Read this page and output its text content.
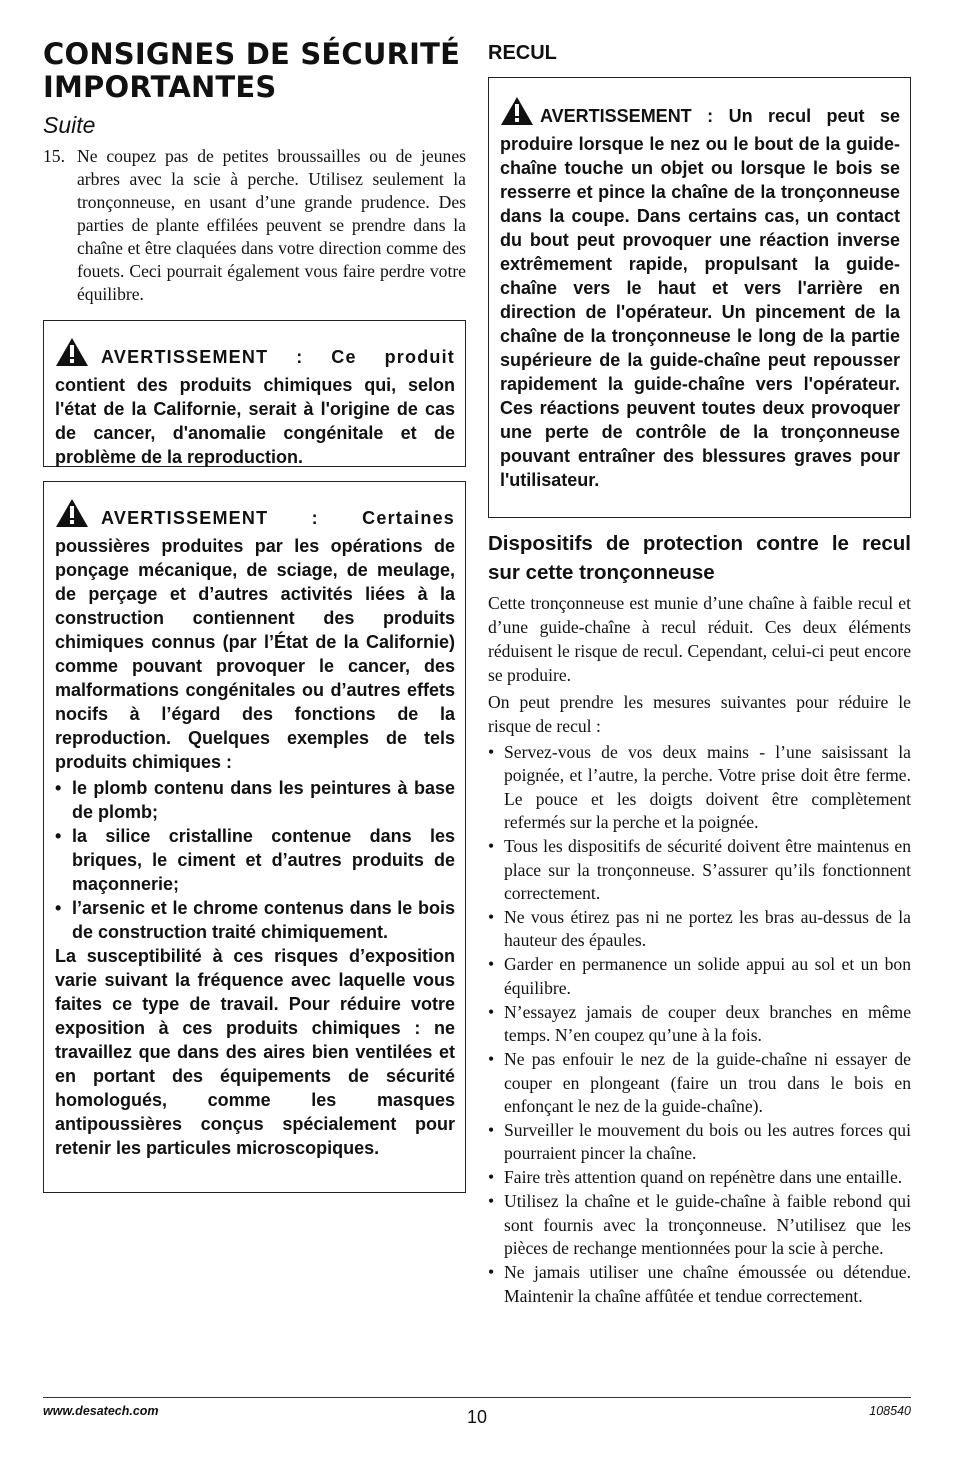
CONSIGNES DE SÉCURITÉ
IMPORTANTES
Suite
15. Ne coupez pas de petites broussailles ou de jeunes arbres avec la scie à perche. Utilisez seulement la tronçonneuse, en usant d’une grande prudence. Des parties de plante effilées peuvent se prendre dans la chaîne et être claquées dans votre direction comme des fouets. Ceci pourrait également vous faire perdre votre équilibre.

AVERTISSEMENT : Ce produit contient des produits chimiques qui, selon l'état de la Californie, serait à l'origine de cas de cancer, d'anomalie congénitale et de problème de la reproduction.

AVERTISSEMENT : Certaines poussières produites par les opérations de ponçage mécanique, de sciage, de meulage, de perçage et d’autres activités liées à la construction contiennent des produits chimiques connus (par l’État de la Californie) comme pouvant provoquer le cancer, des malformations congénitales ou d’autres effets nocifs à l’égard des fonctions de la reproduction. Quelques exemples de tels produits chimiques :

• le plomb contenu dans les peintures à base de plomb;
• la silice cristalline contenue dans les briques, le ciment et d’autres produits de maçonnerie;
• l’arsenic et le chrome contenus dans le bois de construction traité chimiquement.

La susceptibilité à ces risques d’exposition varie suivant la fréquence avec laquelle vous faites ce type de travail. Pour réduire votre exposition à ces produits chimiques : ne travaillez que dans des aires bien ventilées et en portant des équipements de sécurité homologués, comme les masques antipoussières conçus spécialement pour retenir les particules microscopiques.

RECUL

AVERTISSEMENT : Un recul peut se produire lorsque le nez ou le bout de la guide-chaîne touche un objet ou lorsque le bois se resserre et pince la chaîne de la tronçonneuse dans la coupe. Dans certains cas, un contact du bout peut provoquer une réaction inverse extrêmement rapide, propulsant la guide-chaîne vers le haut et vers l'arrière en direction de l'opérateur. Un pincement de la chaîne de la tronçonneuse le long de la partie supérieure de la guide-chaîne peut repousser rapidement la guide-chaîne vers l'opérateur. Ces réactions peuvent toutes deux provoquer une perte de contrôle de la tronçonneuse pouvant entraîner des blessures graves pour l'utilisateur.

Dispositifs de protection contre le recul sur cette tronçonneuse

Cette tronçonneuse est munie d’une chaîne à faible recul et d’une guide-chaîne à recul réduit. Ces deux éléments réduisent le risque de recul. Cependant, celui-ci peut encore se produire.

On peut prendre les mesures suivantes pour réduire le risque de recul :

• Servez-vous de vos deux mains - l’une saisissant la poignée, et l’autre, la perche. Votre prise doit être ferme. Le pouce et les doigts doivent être complètement refermés sur la perche et la poignée.
• Tous les dispositifs de sécurité doivent être maintenus en place sur la tronçonneuse. S’assurer qu’ils fonctionnent correctement.
• Ne vous étirez pas ni ne portez les bras au-dessus de la hauteur des épaules.
• Garder en permanence un solide appui au sol et un bon équilibre.
• N’essayez jamais de couper deux branches en même temps. N’en coupez qu’une à la fois.
• Ne pas enfouir le nez de la guide-chaîne ni essayer de couper en plongeant (faire un trou dans le bois en enfonçant le nez de la guide-chaîne).
• Surveiller le mouvement du bois ou les autres forces qui pourraient pincer la chaîne.
• Faire très attention quand on repénètre dans une entaille.
• Utilisez la chaîne et le guide-chaîne à faible rebond qui sont fournis avec la tronçonneuse. N’utilisez que les pièces de rechange mentionnées pour la scie à perche.
• Ne jamais utiliser une chaîne émoussée ou détendue. Maintenir la chaîne affûtée et tendue correctement.
www.desatech.com	10	108540
